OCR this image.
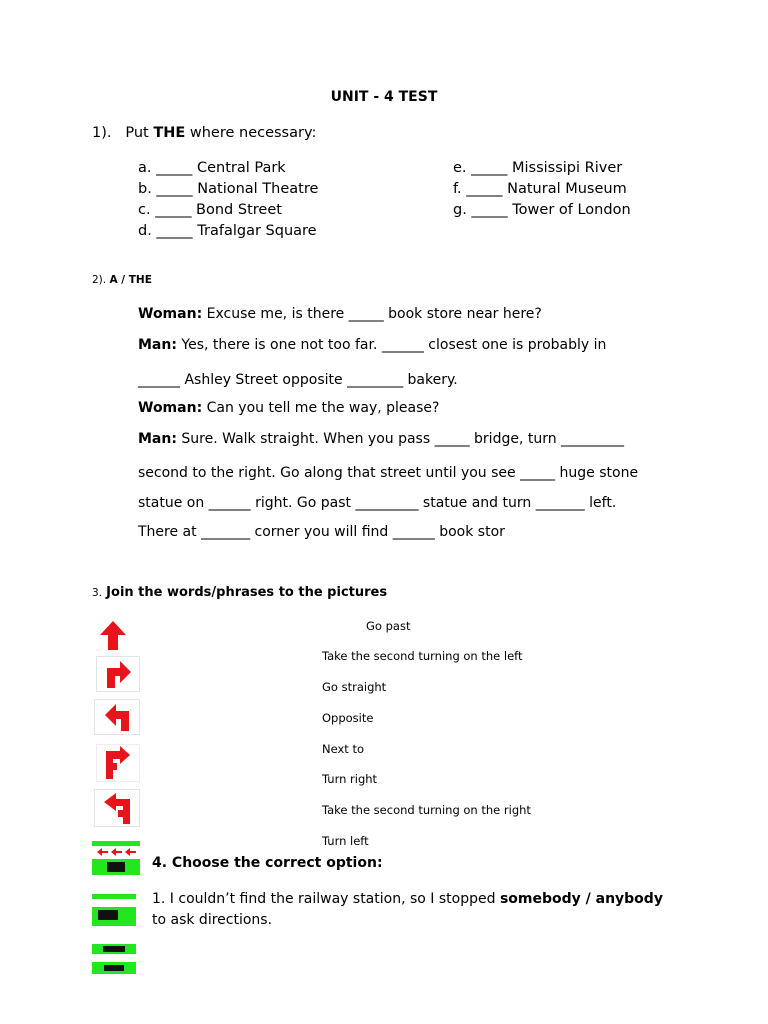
UNIT - 4 TEST
1). Put THE where necessary:
a. _____ Central Park
b. _____ National Theatre
c. _____ Bond Street
d. _____ Trafalgar Square
e. _____ Mississipi River
f. _____ Natural Museum
g. _____ Tower of London
2). A / THE
Woman: Excuse me, is there _____ book store near here?
Man: Yes, there is one not too far. ______ closest one is probably in
______ Ashley Street opposite ________ bakery.
Woman: Can you tell me the way, please?
Man: Sure. Walk straight. When you pass _____ bridge, turn _________
second to the right. Go along that street until you see _____ huge stone
statue on ______ right. Go past _________ statue and turn _______ left.
There at _______ corner you will find ______ book stor
3. Join the words/phrases to the pictures
Go past
Take the second turning on the left
Go straight
Opposite
Next to
Turn right
Take the second turning on the right
Turn left
4. Choose the correct option:
1. I couldn’t find the railway station, so I stopped somebody / anybody
to ask directions.
